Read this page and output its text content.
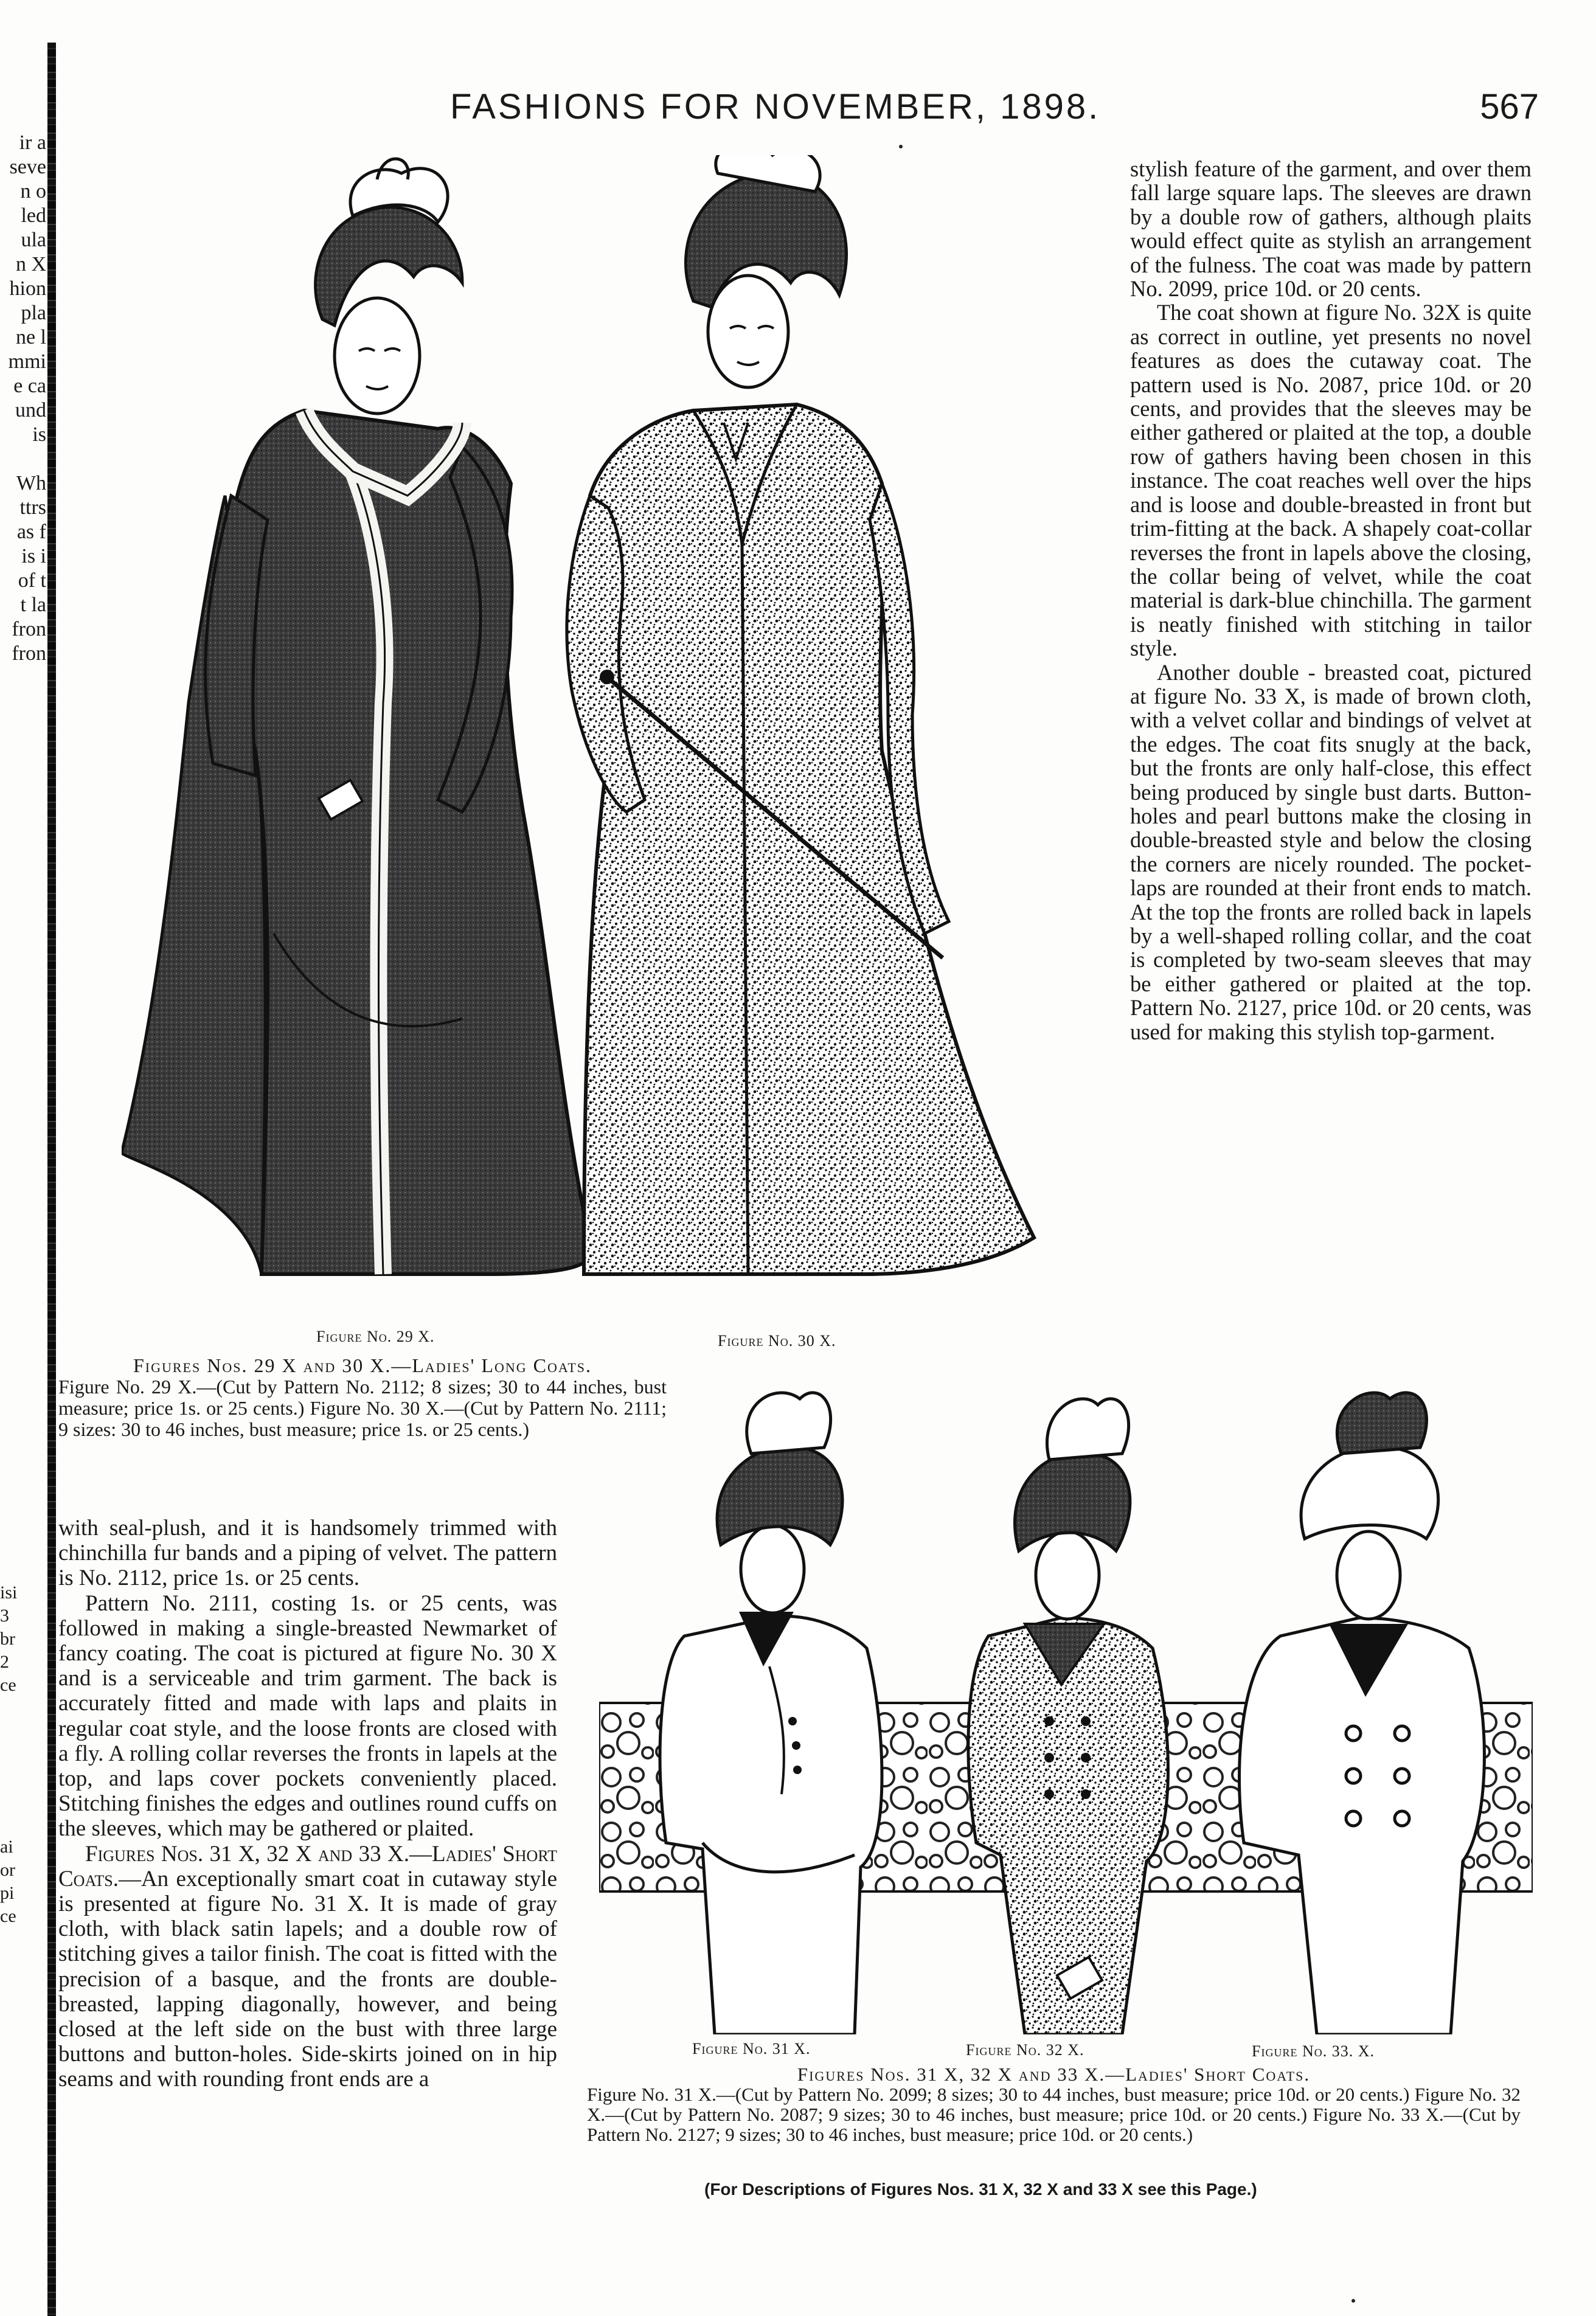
ir a
seve
n o
led
ula
n X
hion
pla
ne l
mmi
e ca
und
is

Wh
ttrs
as f
is i
of t
t la
fron
fron
isi
3
br
2
ce

ai
or
pi
ce
FASHIONS FOR NOVEMBER, 1898.	567
Figure No. 29 X.	Figure No. 30 X.
Figures Nos. 29 X and 30 X.—Ladies' Long Coats.
Figure No. 29 X.—(Cut by Pattern No. 2112; 8 sizes; 30 to 44 inches, bust measure; price 1s. or 25 cents.) Figure No. 30 X.—(Cut by Pattern No. 2111; 9 sizes: 30 to 46 inches, bust measure; price 1s. or 25 cents.)

stylish feature of the garment, and over them fall large square laps. The sleeves are drawn by a double row of gathers, although plaits would effect quite as stylish an arrangement of the fulness. The coat was made by pattern No. 2099, price 10d. or 20 cents.

The coat shown at figure No. 32X is quite as correct in outline, yet presents no novel features as does the cutaway coat. The pattern used is No. 2087, price 10d. or 20 cents, and provides that the sleeves may be either gathered or plaited at the top, a double row of gathers having been chosen in this instance. The coat reaches well over the hips and is loose and double-breasted in front but trim-fitting at the back. A shapely coat-collar reverses the front in lapels above the closing, the collar being of velvet, while the coat material is dark-blue chinchilla. The garment is neatly finished with stitching in tailor style.

Another double - breasted coat, pictured at figure No. 33 X, is made of brown cloth, with a velvet collar and bindings of velvet at the edges. The coat fits snugly at the back, but the fronts are only half-close, this effect being produced by single bust darts. Button-holes and pearl buttons make the closing in double-breasted style and below the closing the corners are nicely rounded. The pocket-laps are rounded at their front ends to match. At the top the fronts are rolled back in lapels by a well-shaped rolling collar, and the coat is completed by two-seam sleeves that may be either gathered or plaited at the top. Pattern No. 2127, price 10d. or 20 cents, was used for making this stylish top-garment.

with seal-plush, and it is handsomely trimmed with chinchilla fur bands and a piping of velvet. The pattern is No. 2112, price 1s. or 25 cents.

Pattern No. 2111, costing 1s. or 25 cents, was followed in making a single-breasted Newmarket of fancy coating. The coat is pictured at figure No. 30 X and is a serviceable and trim garment. The back is accurately fitted and made with laps and plaits in regular coat style, and the loose fronts are closed with a fly. A rolling collar reverses the fronts in lapels at the top, and laps cover pockets conveniently placed. Stitching finishes the edges and outlines round cuffs on the sleeves, which may be gathered or plaited.

Figures Nos. 31 X, 32 X and 33 X.—Ladies' Short Coats.—An exceptionally smart coat in cutaway style is presented at figure No. 31 X. It is made of gray cloth, with black satin lapels; and a double row of stitching gives a tailor finish. The coat is fitted with the precision of a basque, and the fronts are double-breasted, lapping diagonally, however, and being closed at the left side on the bust with three large buttons and button-holes. Side-skirts joined on in hip seams and with rounding front ends are a

Figure No. 31 X.	Figure No. 32 X.	Figure No. 33. X.
Figures Nos. 31 X, 32 X and 33 X.—Ladies' Short Coats.
Figure No. 31 X.—(Cut by Pattern No. 2099; 8 sizes; 30 to 44 inches, bust measure; price 10d. or 20 cents.) Figure No. 32 X.—(Cut by Pattern No. 2087; 9 sizes; 30 to 46 inches, bust measure; price 10d. or 20 cents.) Figure No. 33 X.—(Cut by Pattern No. 2127; 9 sizes; 30 to 46 inches, bust measure; price 10d. or 20 cents.)
(For Descriptions of Figures Nos. 31 X, 32 X and 33 X see this Page.)
